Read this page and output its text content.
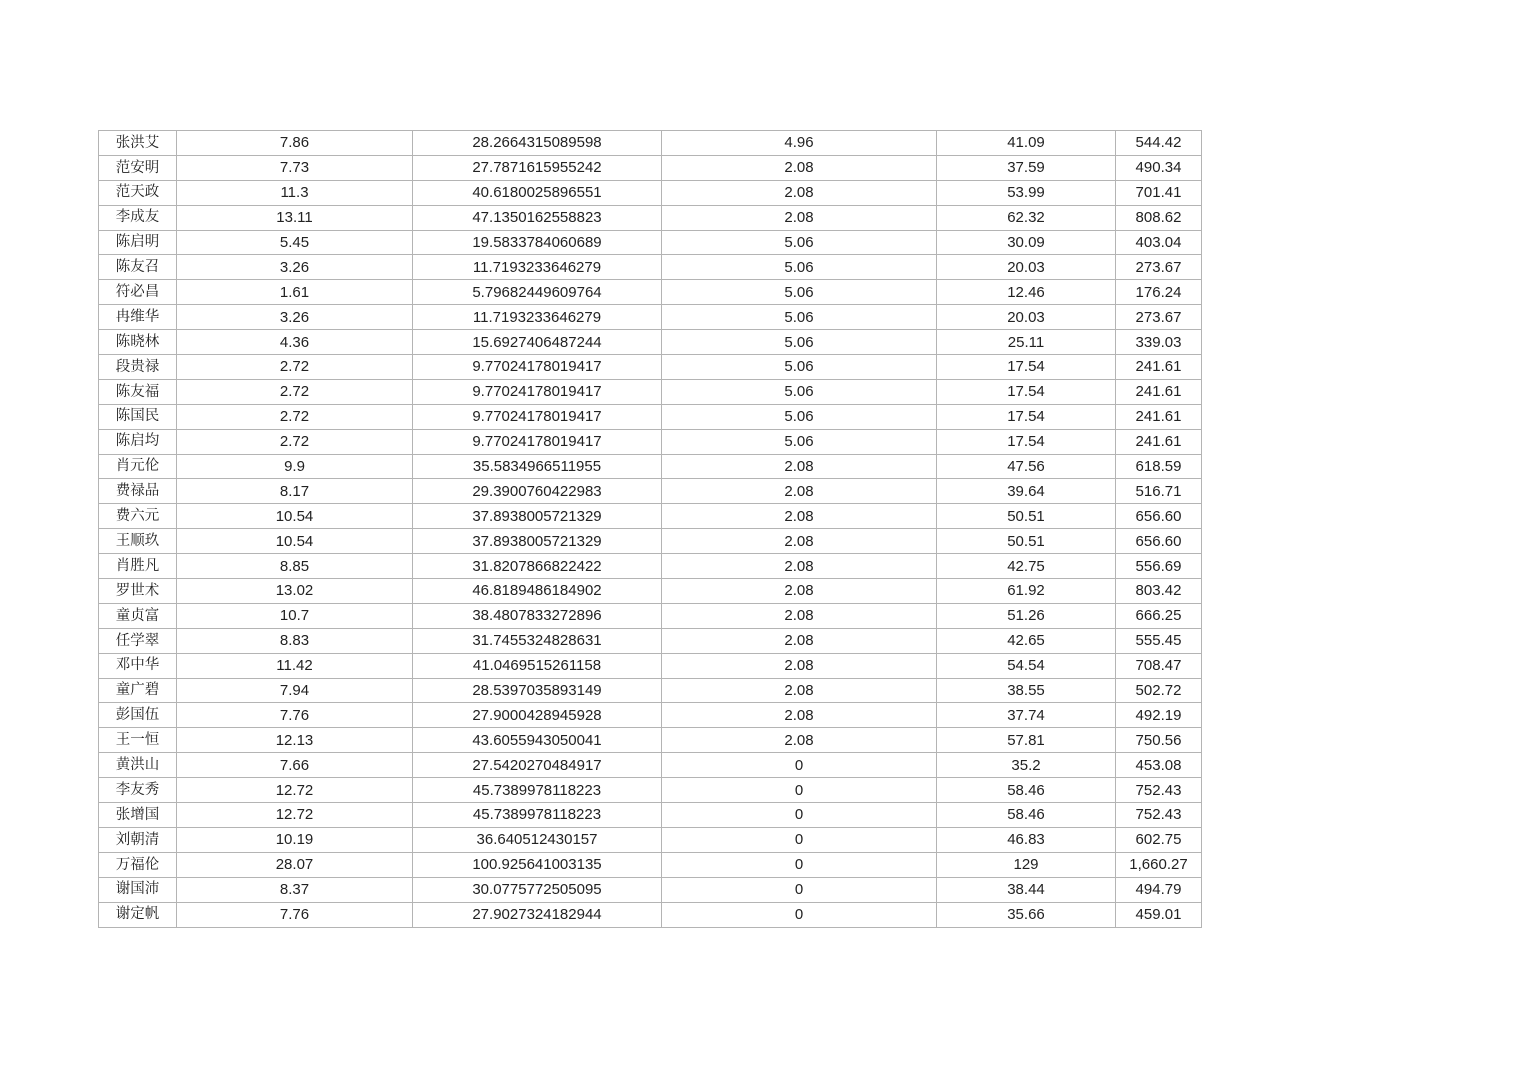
张洪艾	7.86	28.2664315089598	4.96	41.09	544.42
范安明	7.73	27.7871615955242	2.08	37.59	490.34
范天政	11.3	40.6180025896551	2.08	53.99	701.41
李成友	13.11	47.1350162558823	2.08	62.32	808.62
陈启明	5.45	19.5833784060689	5.06	30.09	403.04
陈友召	3.26	11.7193233646279	5.06	20.03	273.67
符必昌	1.61	5.79682449609764	5.06	12.46	176.24
冉维华	3.26	11.7193233646279	5.06	20.03	273.67
陈晓林	4.36	15.6927406487244	5.06	25.11	339.03
段贵禄	2.72	9.77024178019417	5.06	17.54	241.61
陈友福	2.72	9.77024178019417	5.06	17.54	241.61
陈国民	2.72	9.77024178019417	5.06	17.54	241.61
陈启均	2.72	9.77024178019417	5.06	17.54	241.61
肖元伦	9.9	35.5834966511955	2.08	47.56	618.59
费禄品	8.17	29.3900760422983	2.08	39.64	516.71
费六元	10.54	37.8938005721329	2.08	50.51	656.60
王顺玖	10.54	37.8938005721329	2.08	50.51	656.60
肖胜凡	8.85	31.8207866822422	2.08	42.75	556.69
罗世术	13.02	46.8189486184902	2.08	61.92	803.42
童贞富	10.7	38.4807833272896	2.08	51.26	666.25
任学翠	8.83	31.7455324828631	2.08	42.65	555.45
邓中华	11.42	41.0469515261158	2.08	54.54	708.47
童广碧	7.94	28.5397035893149	2.08	38.55	502.72
彭国伍	7.76	27.9000428945928	2.08	37.74	492.19
王一恒	12.13	43.6055943050041	2.08	57.81	750.56
黄洪山	7.66	27.5420270484917	0	35.2	453.08
李友秀	12.72	45.7389978118223	0	58.46	752.43
张增国	12.72	45.7389978118223	0	58.46	752.43
刘朝清	10.19	36.640512430157	0	46.83	602.75
万福伦	28.07	100.925641003135	0	129	1,660.27
谢国沛	8.37	30.0775772505095	0	38.44	494.79
谢定帆	7.76	27.9027324182944	0	35.66	459.01
